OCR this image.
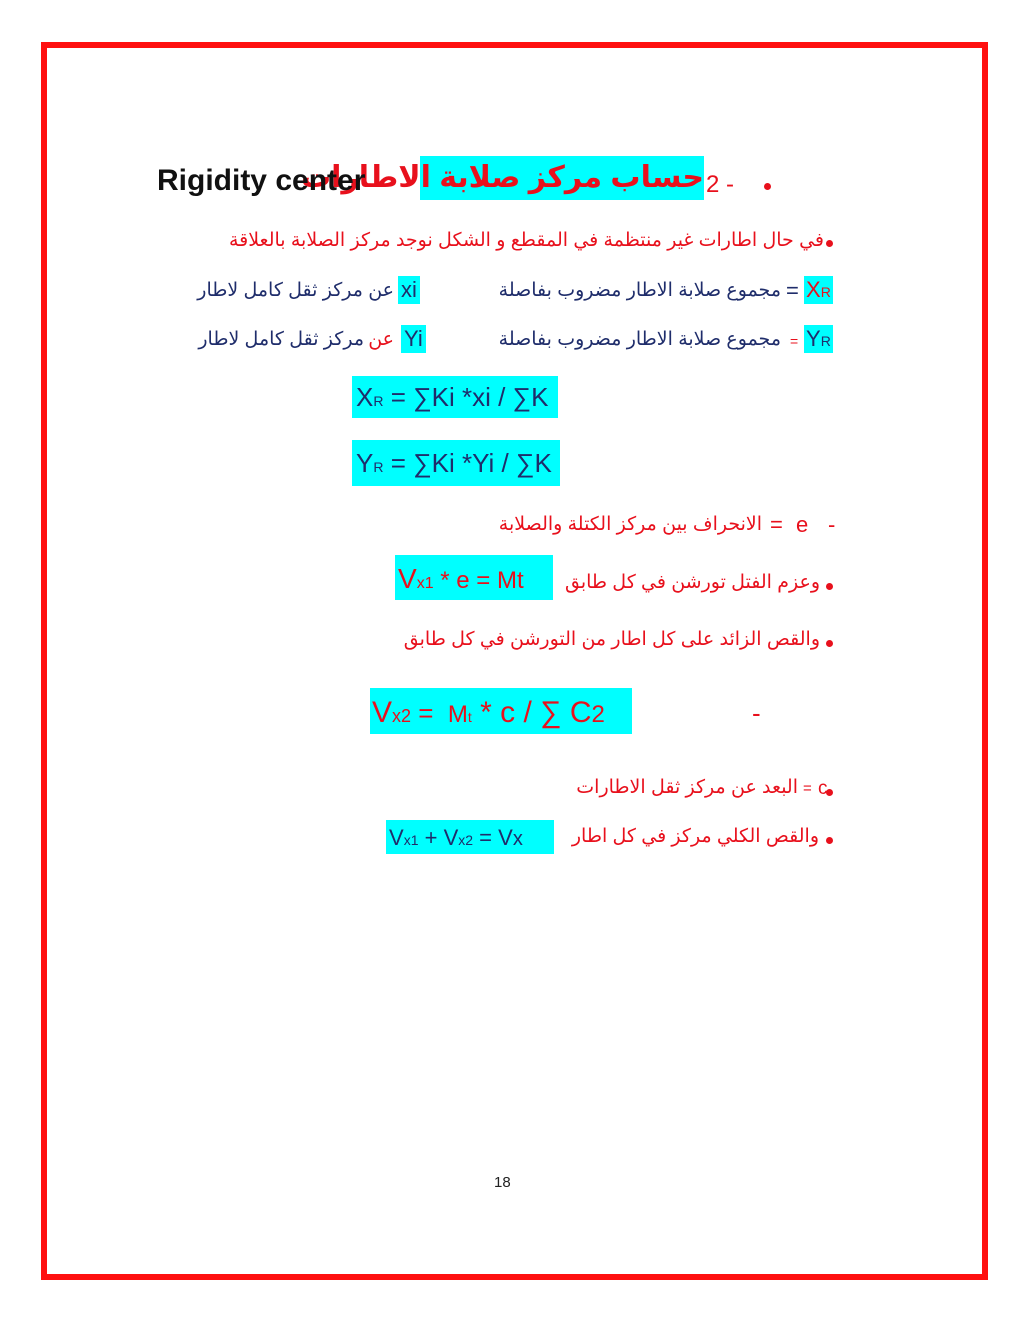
2 -
حساب مركز صلابة الاطارات
Rigidity center
في حال اطارات غير منتظمة في المقطع و الشكل نوجد مركز الصلابة بالعلاقة
XR
=
مجموع صلابة الاطار مضروب بفاصلة
xi
عن مركز ثقل كامل لاطار
YR
=
مجموع صلابة الاطار مضروب بفاصلة
Yi
عن
مركز ثقل كامل لاطار
XR = ∑Ki *xi / ∑K
YR = ∑Ki *Yi / ∑K
-
e
=
الانحراف بين مركز الكتلة والصلابة
وعزم الفتل تورشن في كل طابق
Vx1 * e = Mt
والقص الزائد على كل اطار من التورشن في كل طابق
Vx2 =  Mt * c / ∑ C2	-
c
=
البعد عن مركز ثقل الاطارات
والقص الكلي مركز في كل اطار
Vx1 + Vx2 = Vx
18
